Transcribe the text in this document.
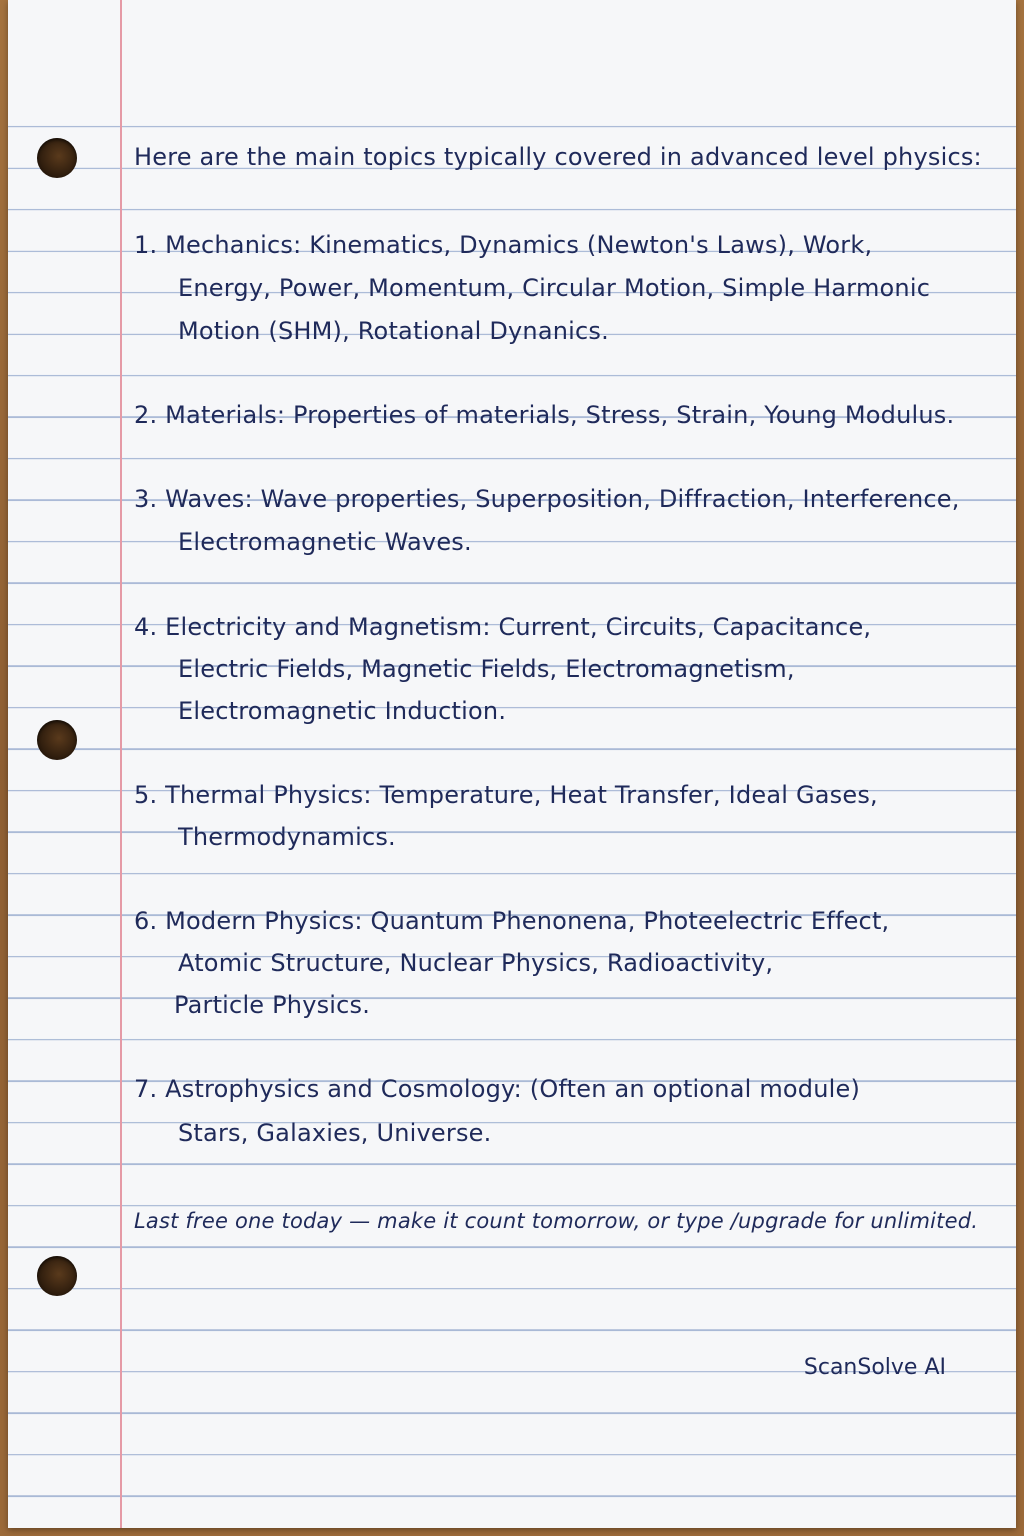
Here are the main topics typically covered in advanced level physics:
1. Mechanics: Kinematics, Dynamics (Newton's Laws), Work,
Energy, Power, Momentum, Circular Motion, Simple Harmonic
Motion (SHM), Rotational Dynanics.
2. Materials: Properties of materials, Stress, Strain, Young Modulus.
3. Waves: Wave properties, Superposition, Diffraction, Interference,
Electromagnetic Waves.
4. Electricity and Magnetism: Current, Circuits, Capacitance,
Electric Fields, Magnetic Fields, Electromagnetism,
Electromagnetic Induction.
5. Thermal Physics: Temperature, Heat Transfer, Ideal Gases,
Thermodynamics.
6. Modern Physics: Quantum Phenonena, Photeelectric Effect,
Atomic Structure, Nuclear Physics, Radioactivity,
Particle Physics.
7. Astrophysics and Cosmology: (Often an optional module)
Stars, Galaxies, Universe.
Last free one today — make it count tomorrow, or type /upgrade for unlimited.
ScanSolve AI
